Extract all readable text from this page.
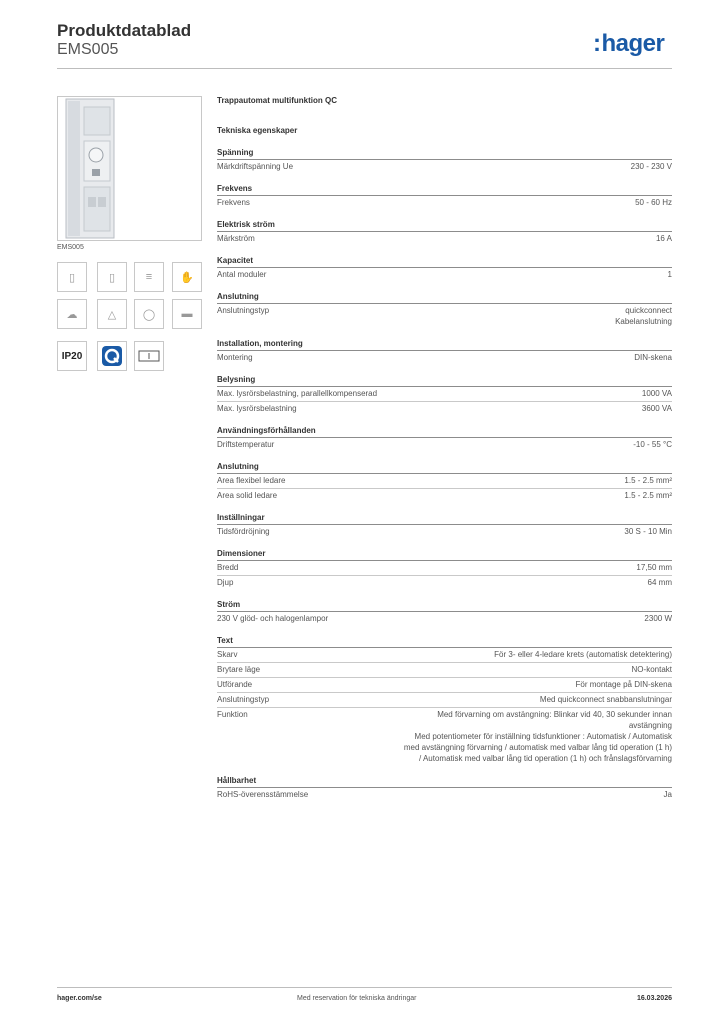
Produktdatablad
EMS005	:hager
EMS005
▯	▯	≡	✋
☁	△	◯	▬
IP20
Trappautomat multifunktion QC
Tekniska egenskaper
Spänning
Märkdriftspänning Ue	230 - 230 V
Frekvens
Frekvens	50 - 60 Hz
Elektrisk ström
Märkström	16 A
Kapacitet
Antal moduler	1
Anslutning
Anslutningstyp	quickconnect
Kabelanslutning
Installation, montering
Montering	DIN-skena
Belysning
Max. lysrörsbelastning, parallellkompenserad	1000 VA
Max. lysrörsbelastning	3600 VA
Användningsförhållanden
Driftstemperatur	-10 - 55 °C
Anslutning
Area flexibel ledare	1.5 - 2.5 mm²
Area solid ledare	1.5 - 2.5 mm²
Inställningar
Tidsfördröjning	30 S - 10 Min
Dimensioner
Bredd	17,50 mm
Djup	64 mm
Ström
230 V glöd- och halogenlampor	2300 W
Text
Skarv	För 3- eller 4-ledare krets (automatisk detektering)
Brytare läge	NO-kontakt
Utförande	För montage på DIN-skena
Anslutningstyp	Med quickconnect snabbanslutningar
Funktion	Med förvarning om avstängning: Blinkar vid 40, 30 sekunder innan avstängning
Med potentiometer för inställning tidsfunktioner : Automatisk / Automatisk med avstängning förvarning / automatisk med valbar lång tid operation (1 h) / Automatisk med valbar lång tid operation (1 h) och frånslagsförvarning
Hållbarhet
RoHS-överensstämmelse	Ja
hager.com/se	Med reservation för tekniska ändringar	16.03.2026
